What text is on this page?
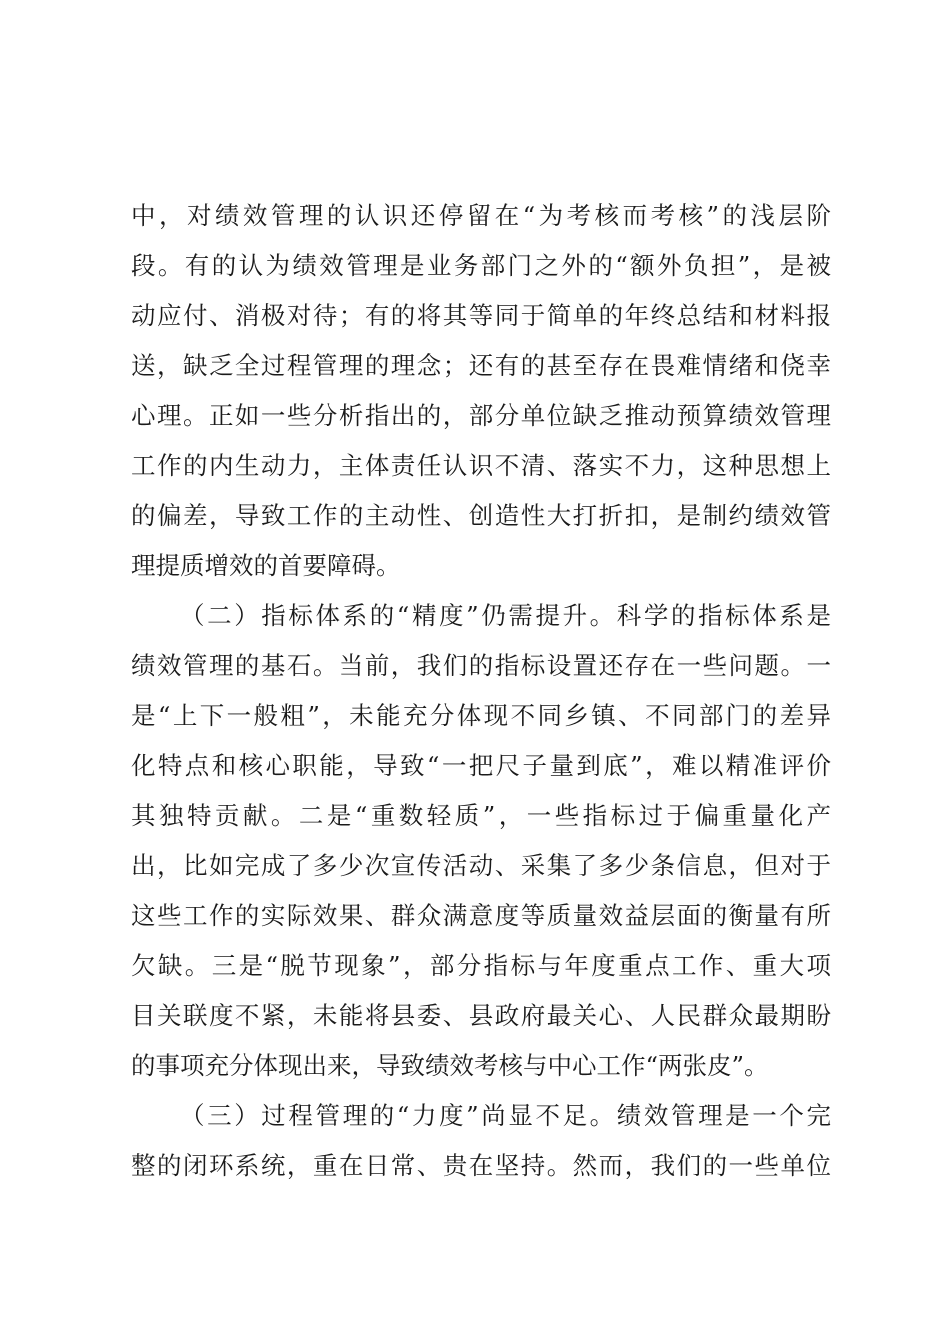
中，对绩效管理的认识还停留在“为考核而考核”的浅层阶
段。有的认为绩效管理是业务部门之外的“额外负担”，是被
动应付、消极对待；有的将其等同于简单的年终总结和材料报
送，缺乏全过程管理的理念；还有的甚至存在畏难情绪和侥幸
心理。正如一些分析指出的，部分单位缺乏推动预算绩效管理
工作的内生动力，主体责任认识不清、落实不力，这种思想上
的偏差，导致工作的主动性、创造性大打折扣，是制约绩效管
理提质增效的首要障碍。
（二）指标体系的“精度”仍需提升。科学的指标体系是
绩效管理的基石。当前，我们的指标设置还存在一些问题。一
是“上下一般粗”，未能充分体现不同乡镇、不同部门的差异
化特点和核心职能，导致“一把尺子量到底”，难以精准评价
其独特贡献。二是“重数轻质”，一些指标过于偏重量化产
出，比如完成了多少次宣传活动、采集了多少条信息，但对于
这些工作的实际效果、群众满意度等质量效益层面的衡量有所
欠缺。三是“脱节现象”，部分指标与年度重点工作、重大项
目关联度不紧，未能将县委、县政府最关心、人民群众最期盼
的事项充分体现出来，导致绩效考核与中心工作“两张皮”。
（三）过程管理的“力度”尚显不足。绩效管理是一个完
整的闭环系统，重在日常、贵在坚持。然而，我们的一些单位
